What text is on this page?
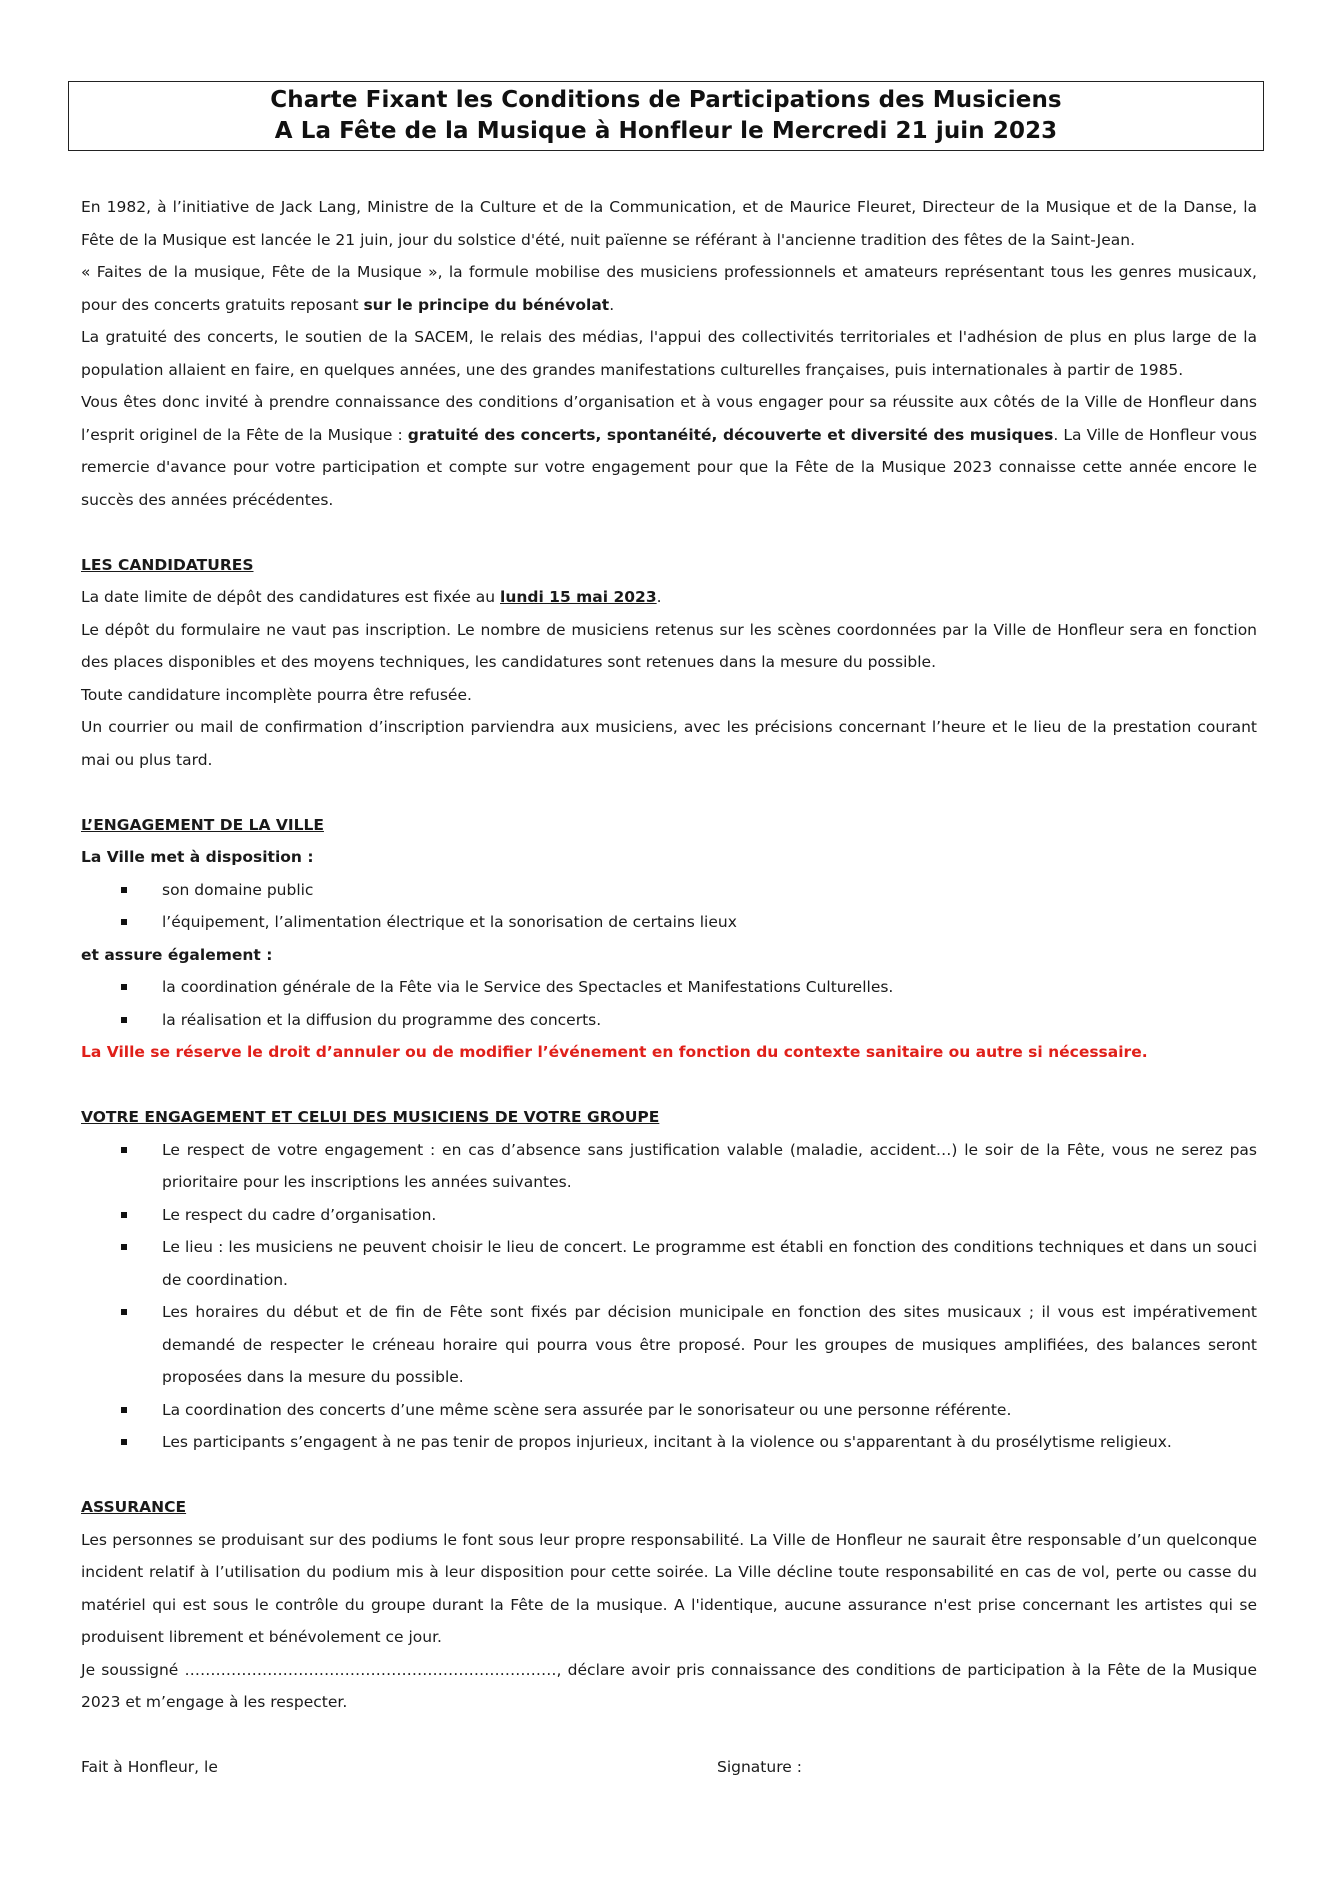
Charte Fixant les Conditions de Participations des Musiciens
A La Fête de la Musique à Honfleur le Mercredi 21 juin 2023

En 1982, à l’initiative de Jack Lang, Ministre de la Culture et de la Communication, et de Maurice Fleuret, Directeur de la Musique et de la Danse, la Fête de la Musique est lancée le 21 juin, jour du solstice d'été, nuit païenne se référant à l'ancienne tradition des fêtes de la Saint-Jean.

« Faites de la musique, Fête de la Musique », la formule mobilise des musiciens professionnels et amateurs représentant tous les genres musicaux, pour des concerts gratuits reposant sur le principe du bénévolat.

La gratuité des concerts, le soutien de la SACEM, le relais des médias, l'appui des collectivités territoriales et l'adhésion de plus en plus large de la population allaient en faire, en quelques années, une des grandes manifestations culturelles françaises, puis internationales à partir de 1985.

Vous êtes donc invité à prendre connaissance des conditions d’organisation et à vous engager pour sa réussite aux côtés de la Ville de Honfleur dans l’esprit originel de la Fête de la Musique : gratuité des concerts, spontanéité, découverte et diversité des musiques. La Ville de Honfleur vous remercie d'avance pour votre participation et compte sur votre engagement pour que la Fête de la Musique 2023 connaisse cette année encore le succès des années précédentes.

LES CANDIDATURES

La date limite de dépôt des candidatures est fixée au lundi 15 mai 2023.

Le dépôt du formulaire ne vaut pas inscription. Le nombre de musiciens retenus sur les scènes coordonnées par la Ville de Honfleur sera en fonction des places disponibles et des moyens techniques, les candidatures sont retenues dans la mesure du possible.

Toute candidature incomplète pourra être refusée.

Un courrier ou mail de confirmation d’inscription parviendra aux musiciens, avec les précisions concernant l’heure et le lieu de la prestation courant mai ou plus tard.

L’ENGAGEMENT DE LA VILLE

La Ville met à disposition :

son domaine public
l’équipement, l’alimentation électrique et la sonorisation de certains lieux

et assure également :

la coordination générale de la Fête via le Service des Spectacles et Manifestations Culturelles.
la réalisation et la diffusion du programme des concerts.

La Ville se réserve le droit d’annuler ou de modifier l’événement en fonction du contexte sanitaire ou autre si nécessaire.

VOTRE ENGAGEMENT ET CELUI DES MUSICIENS DE VOTRE GROUPE

Le respect de votre engagement : en cas d’absence sans justification valable (maladie, accident…) le soir de la Fête, vous ne serez pas prioritaire pour les inscriptions les années suivantes.
Le respect du cadre d’organisation.
Le lieu : les musiciens ne peuvent choisir le lieu de concert. Le programme est établi en fonction des conditions techniques et dans un souci de coordination.
Les horaires du début et de fin de Fête sont fixés par décision municipale en fonction des sites musicaux ; il vous est impérativement demandé de respecter le créneau horaire qui pourra vous être proposé. Pour les groupes de musiques amplifiées, des balances seront proposées dans la mesure du possible.
La coordination des concerts d’une même scène sera assurée par le sonorisateur ou une personne référente.
Les participants s’engagent à ne pas tenir de propos injurieux, incitant à la violence ou s'apparentant à du prosélytisme religieux.

ASSURANCE

Les personnes se produisant sur des podiums le font sous leur propre responsabilité. La Ville de Honfleur ne saurait être responsable d’un quelconque incident relatif à l’utilisation du podium mis à leur disposition pour cette soirée. La Ville décline toute responsabilité en cas de vol, perte ou casse du matériel qui est sous le contrôle du groupe durant la Fête de la musique. A l'identique, aucune assurance n'est prise concernant les artistes qui se produisent librement et bénévolement ce jour.

Je soussigné ………………………………………………………………, déclare avoir pris connaissance des conditions de participation à la Fête de la Musique 2023 et m’engage à les respecter.

Fait à Honfleur, le	Signature :
